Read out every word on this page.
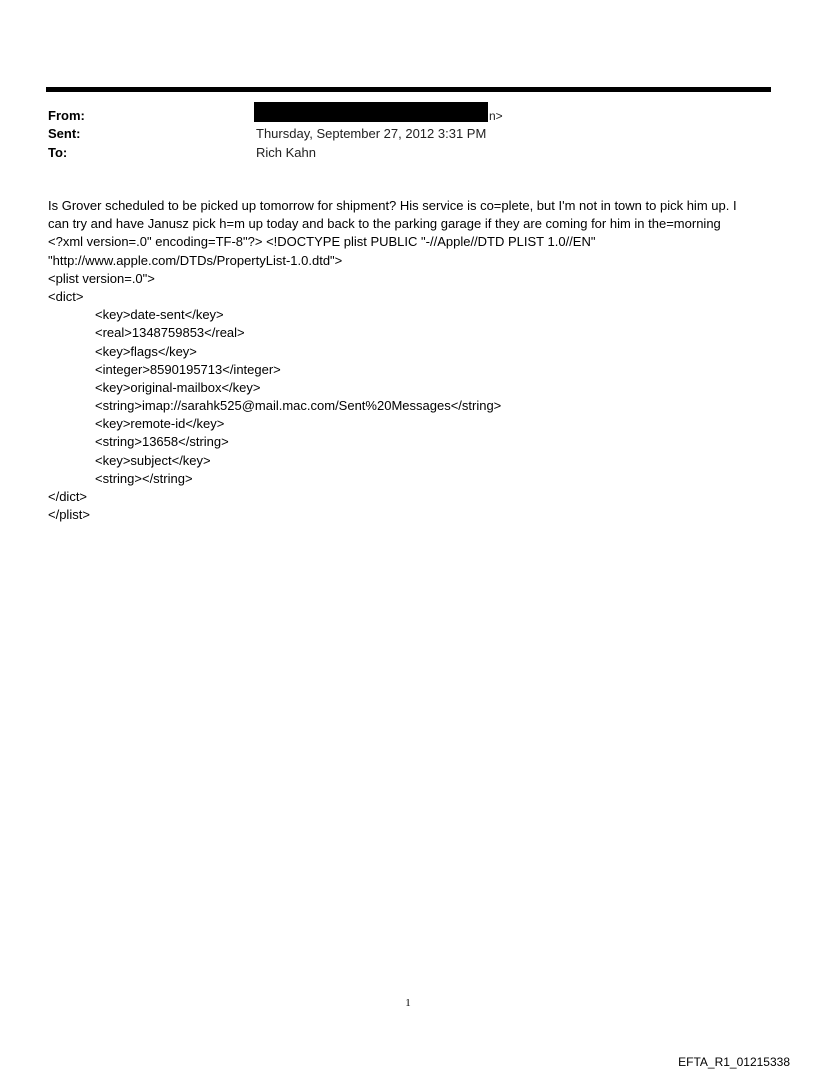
From:	n>
Sent:	Thursday, September 27, 2012 3:31 PM
To:	Rich Kahn
Is Grover scheduled to be picked up tomorrow for shipment? His service is co=plete, but I'm not in town to pick him up. I
can try and have Janusz pick h=m up today and back to the parking garage if they are coming for him in the=morning
<?xml version=.0" encoding=TF-8"?> <!DOCTYPE plist PUBLIC "-//Apple//DTD PLIST 1.0//EN"
"http://www.apple.com/DTDs/PropertyList-1.0.dtd">
<plist version=.0">
<dict>
<key>date-sent</key>
<real>1348759853</real>
<key>flags</key>
<integer>8590195713</integer>
<key>original-mailbox</key>
<string>imap://sarahk525@mail.mac.com/Sent%20Messages</string>
<key>remote-id</key>
<string>13658</string>
<key>subject</key>
<string></string>
</dict>
</plist>
1
EFTA_R1_01215338
